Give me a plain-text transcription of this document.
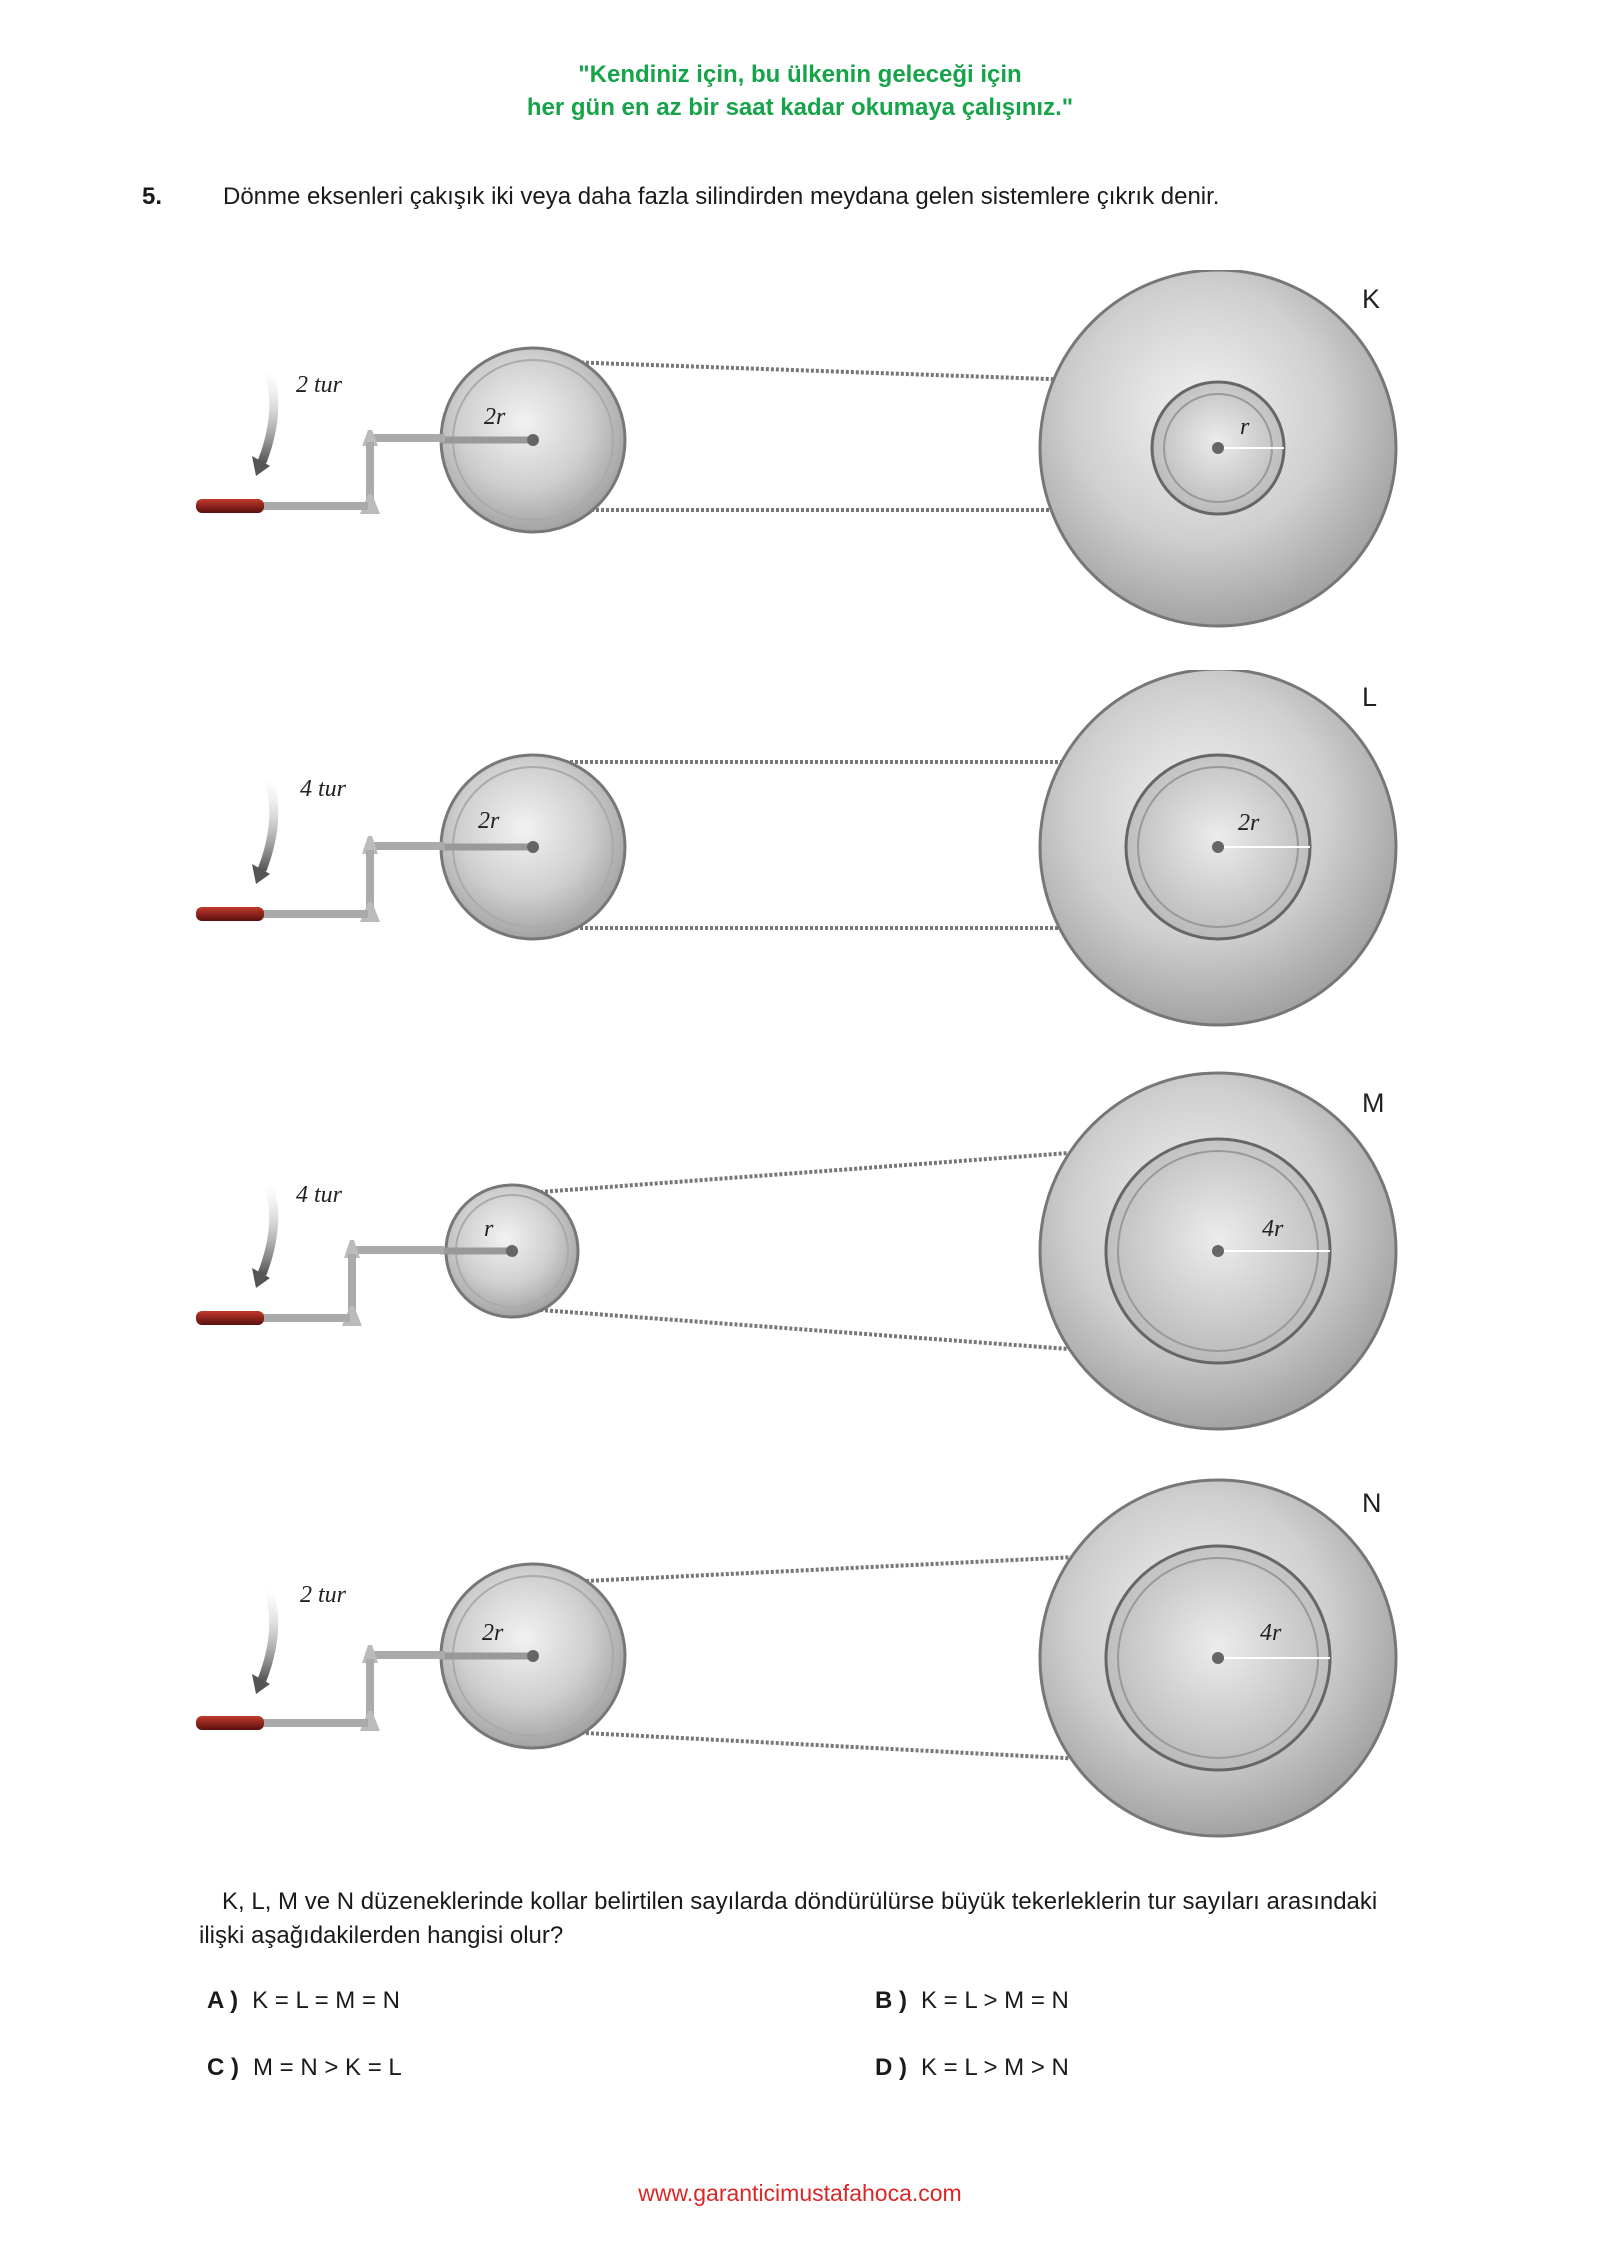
"Kendiniz için, bu ülkenin geleceği için
her gün en az bir saat kadar okumaya çalışınız."
5.	Dönme eksenleri çakışık iki veya daha fazla silindirden meydana gelen sistemlere çıkrık denir.
K
2 tur
2r	r
L
4 tur
2r	2r
M
4 tur
r	4r
N
2 tur
2r	4r
K, L, M ve N düzeneklerinde kollar belirtilen sayılarda döndürülürse büyük tekerleklerin tur sayıları arasındaki ilişki aşağıdakilerden hangisi olur?
A ) K = L = M = N	B ) K = L > M = N
C ) M = N > K = L	D ) K = L > M > N
www.garanticimustafahoca.com
